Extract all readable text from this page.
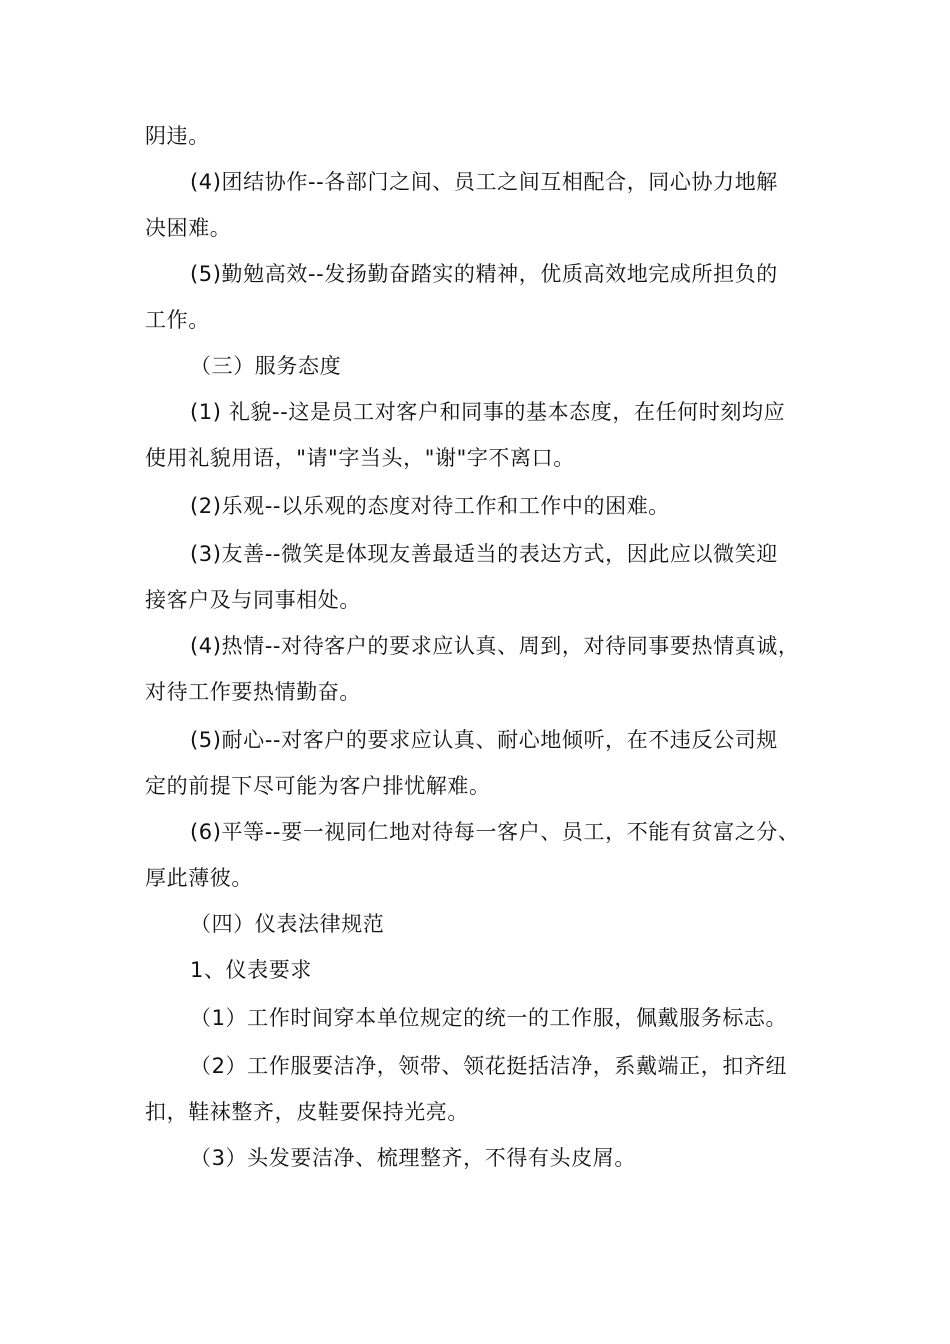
阴违。
(4)团结协作--各部门之间、员工之间互相配合，同心协力地解
决困难。
(5)勤勉高效--发扬勤奋踏实的精神，优质高效地完成所担负的
工作。
（三）服务态度
(1) 礼貌--这是员工对客户和同事的基本态度，在任何时刻均应
使用礼貌用语，"请"字当头，"谢"字不离口。
(2)乐观--以乐观的态度对待工作和工作中的困难。
(3)友善--微笑是体现友善最适当的表达方式，因此应以微笑迎
接客户及与同事相处。
(4)热情--对待客户的要求应认真、周到，对待同事要热情真诚，
对待工作要热情勤奋。
(5)耐心--对客户的要求应认真、耐心地倾听，在不违反公司规
定的前提下尽可能为客户排忧解难。
(6)平等--要一视同仁地对待每一客户、员工，不能有贫富之分、
厚此薄彼。
（四）仪表法律规范
1、仪表要求
（1）工作时间穿本单位规定的统一的工作服，佩戴服务标志。
（2）工作服要洁净，领带、领花挺括洁净，系戴端正，扣齐纽
扣，鞋袜整齐，皮鞋要保持光亮。
（3）头发要洁净、梳理整齐，不得有头皮屑。
